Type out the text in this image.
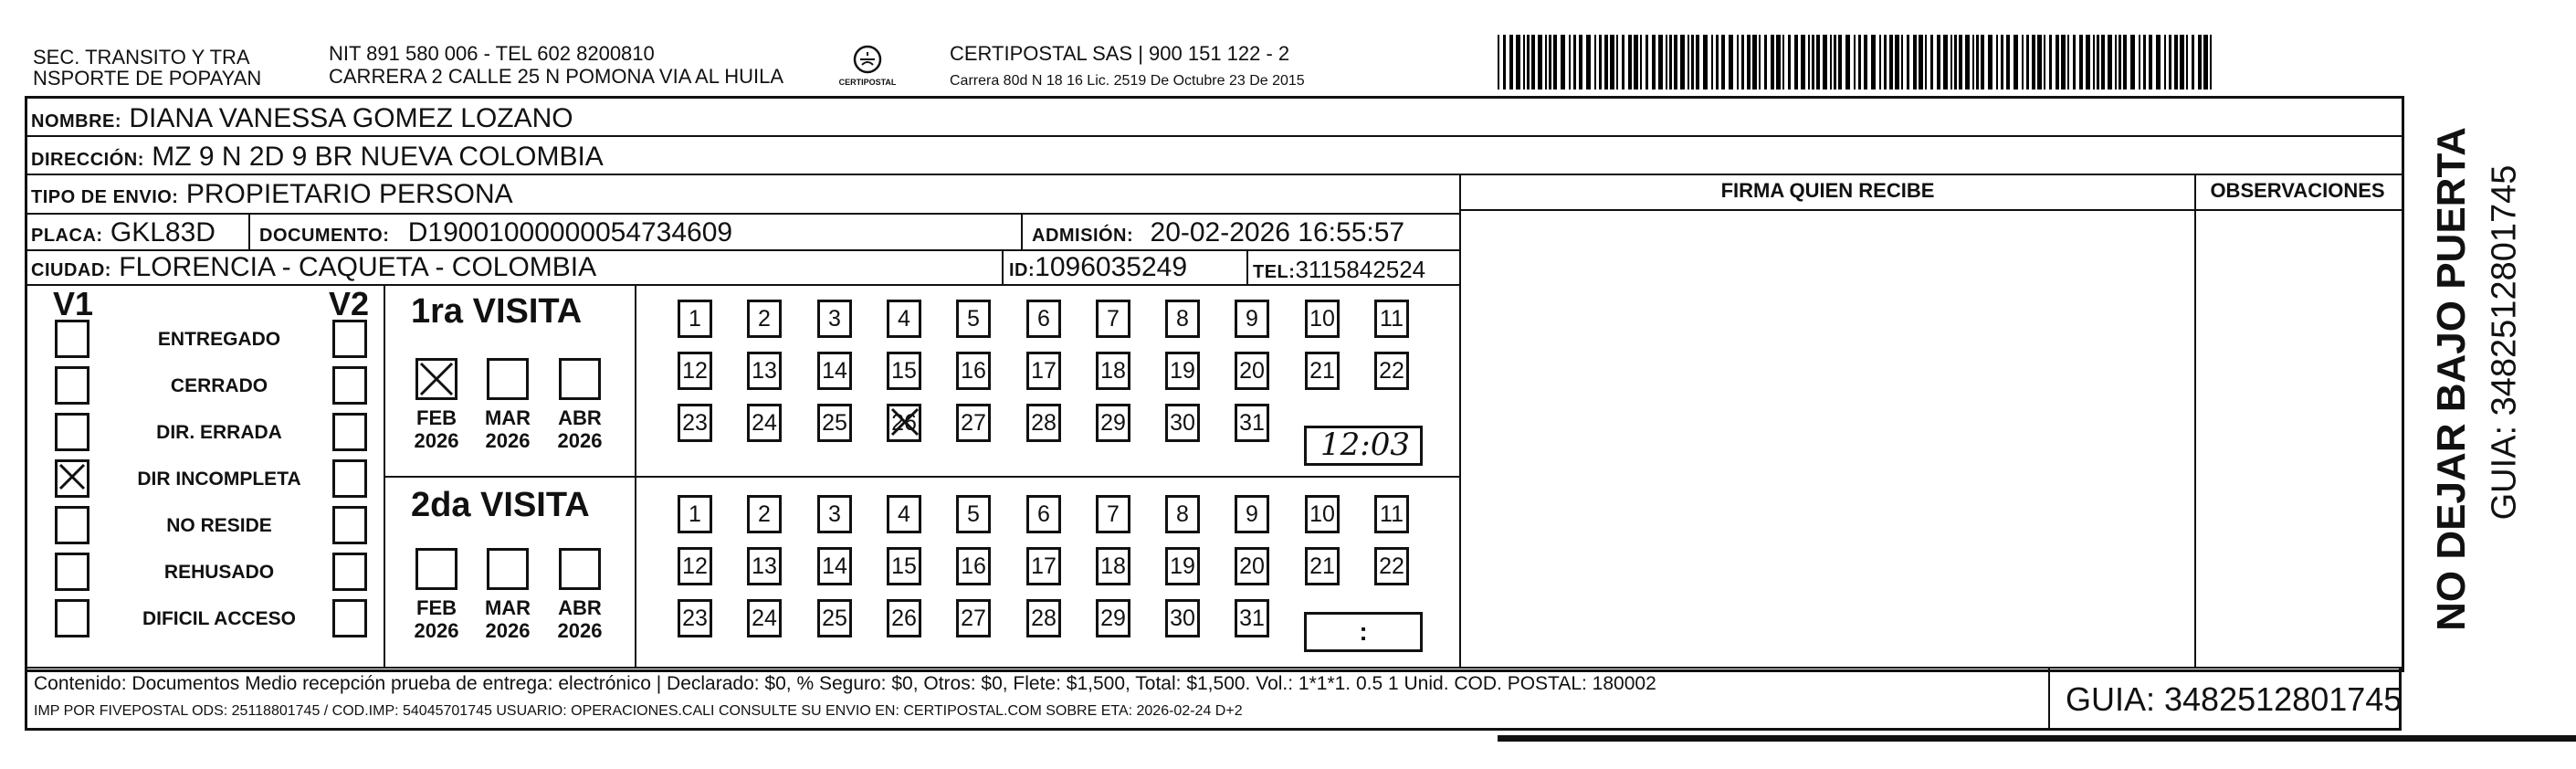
SEC. TRANSITO Y TRA
NSPORTE DE POPAYAN
NIT 891 580 006 - TEL 602 8200810
CARRERA 2 CALLE 25 N POMONA VIA AL HUILA	CERTIPOSTAL
CERTIPOSTAL SAS | 900 151 122 - 2
Carrera 80d N 18 16 Lic. 2519 De Octubre 23 De 2015
NOMBRE: DIANA VANESSA GOMEZ LOZANO
DIRECCIÓN: MZ 9 N 2D 9 BR NUEVA COLOMBIA
TIPO DE ENVIO: PROPIETARIO PERSONA
PLACA: GKL83D DOCUMENTO: D19001000000054734609	ADMISIÓN: 20-02-2026 16:55:57
CIUDAD: FLORENCIA - CAQUETA - COLOMBIA	ID:1096035249	TEL:3115842524
FIRMA QUIEN RECIBE	OBSERVACIONES
V1	V2
ENTREGADO
CERRADO
DIR. ERRADA
DIR INCOMPLETA
NO RESIDE
REHUSADO
DIFICIL ACCESO
1ra VISITA
2da VISITA
FEB
2026
MAR
2026
ABR
2026
FEB
2026
MAR
2026
ABR
2026
1	2	3	4	5	6	7	8	9	10 11
12 13 14 15 16 17 18 19 20 21 22
23 24 25 26 27 28 29 30 31
1	2	3	4	5	6	7	8	9	10 11
12 13 14 15 16 17 18 19 20 21 22
23 24 25 26 27 28 29 30 31
12:03
:
NO DEJAR BAJO PUERTA GUIA: 3482512801745
Contenido: Documentos Medio recepción prueba de entrega: electrónico | Declarado: $0, % Seguro: $0, Otros: $0, Flete: $1,500, Total: $1,500. Vol.: 1*1*1. 0.5 1 Unid. COD. POSTAL: 180002
IMP POR FIVEPOSTAL ODS: 25118801745 / COD.IMP: 54045701745 USUARIO: OPERACIONES.CALI CONSULTE SU ENVIO EN: CERTIPOSTAL.COM SOBRE ETA: 2026-02-24 D+2	GUIA: 3482512801745
